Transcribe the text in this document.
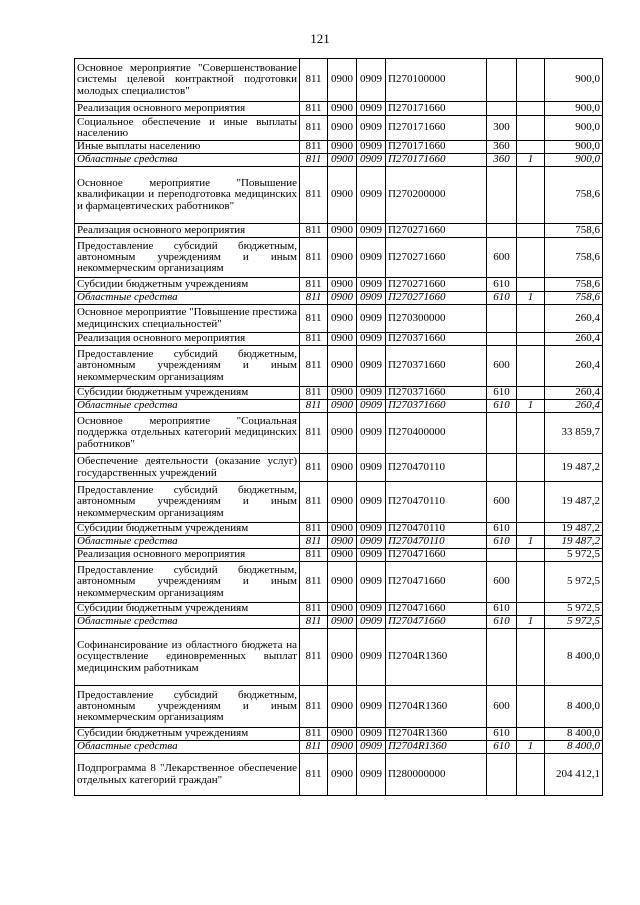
121
Основное мероприятие "Совершенствование системы целевой контрактной подготовки молодых специалистов"	811	0900	0909	П270100000			900,0
Реализация основного мероприятия	811	0900	0909	П270171660			900,0
Социальное обеспечение и иные выплаты населению	811	0900	0909	П270171660	300		900,0
Иные выплаты населению	811	0900	0909	П270171660	360		900,0
Областные средства	811	0900	0909	П270171660	360	1	900,0
Основное мероприятие "Повышение квалификации и переподготовка медицинских и фармацевтических работников"	811	0900	0909	П270200000			758,6
Реализация основного мероприятия	811	0900	0909	П270271660			758,6
Предоставление субсидий бюджетным, автономным учреждениям и иным некоммерческим организациям	811	0900	0909	П270271660	600		758,6
Субсидии бюджетным учреждениям	811	0900	0909	П270271660	610		758,6
Областные средства	811	0900	0909	П270271660	610	1	758,6
Основное мероприятие "Повышение престижа медицинских специальностей"	811	0900	0909	П270300000			260,4
Реализация основного мероприятия	811	0900	0909	П270371660			260,4
Предоставление субсидий бюджетным, автономным учреждениям и иным некоммерческим организациям	811	0900	0909	П270371660	600		260,4
Субсидии бюджетным учреждениям	811	0900	0909	П270371660	610		260,4
Областные средства	811	0900	0909	П270371660	610	1	260,4
Основное мероприятие "Социальная поддержка отдельных категорий медицинских работников"	811	0900	0909	П270400000			33 859,7
Обеспечение деятельности (оказание услуг) государственных учреждений	811	0900	0909	П270470110			19 487,2
Предоставление субсидий бюджетным, автономным учреждениям и иным некоммерческим организациям	811	0900	0909	П270470110	600		19 487,2
Субсидии бюджетным учреждениям	811	0900	0909	П270470110	610		19 487,2
Областные средства	811	0900	0909	П270470110	610	1	19 487,2
Реализация основного мероприятия	811	0900	0909	П270471660			5 972,5
Предоставление субсидий бюджетным, автономным учреждениям и иным некоммерческим организациям	811	0900	0909	П270471660	600		5 972,5
Субсидии бюджетным учреждениям	811	0900	0909	П270471660	610		5 972,5
Областные средства	811	0900	0909	П270471660	610	1	5 972,5
Софинансирование из областного бюджета на осуществление единовременных выплат медицинским работникам	811	0900	0909	П2704R1360			8 400,0
Предоставление субсидий бюджетным, автономным учреждениям и иным некоммерческим организациям	811	0900	0909	П2704R1360	600		8 400,0
Субсидии бюджетным учреждениям	811	0900	0909	П2704R1360	610		8 400,0
Областные средства	811	0900	0909	П2704R1360	610	1	8 400,0
Подпрограмма 8 "Лекарственное обеспечение отдельных категорий граждан"	811	0900	0909	П280000000			204 412,1
